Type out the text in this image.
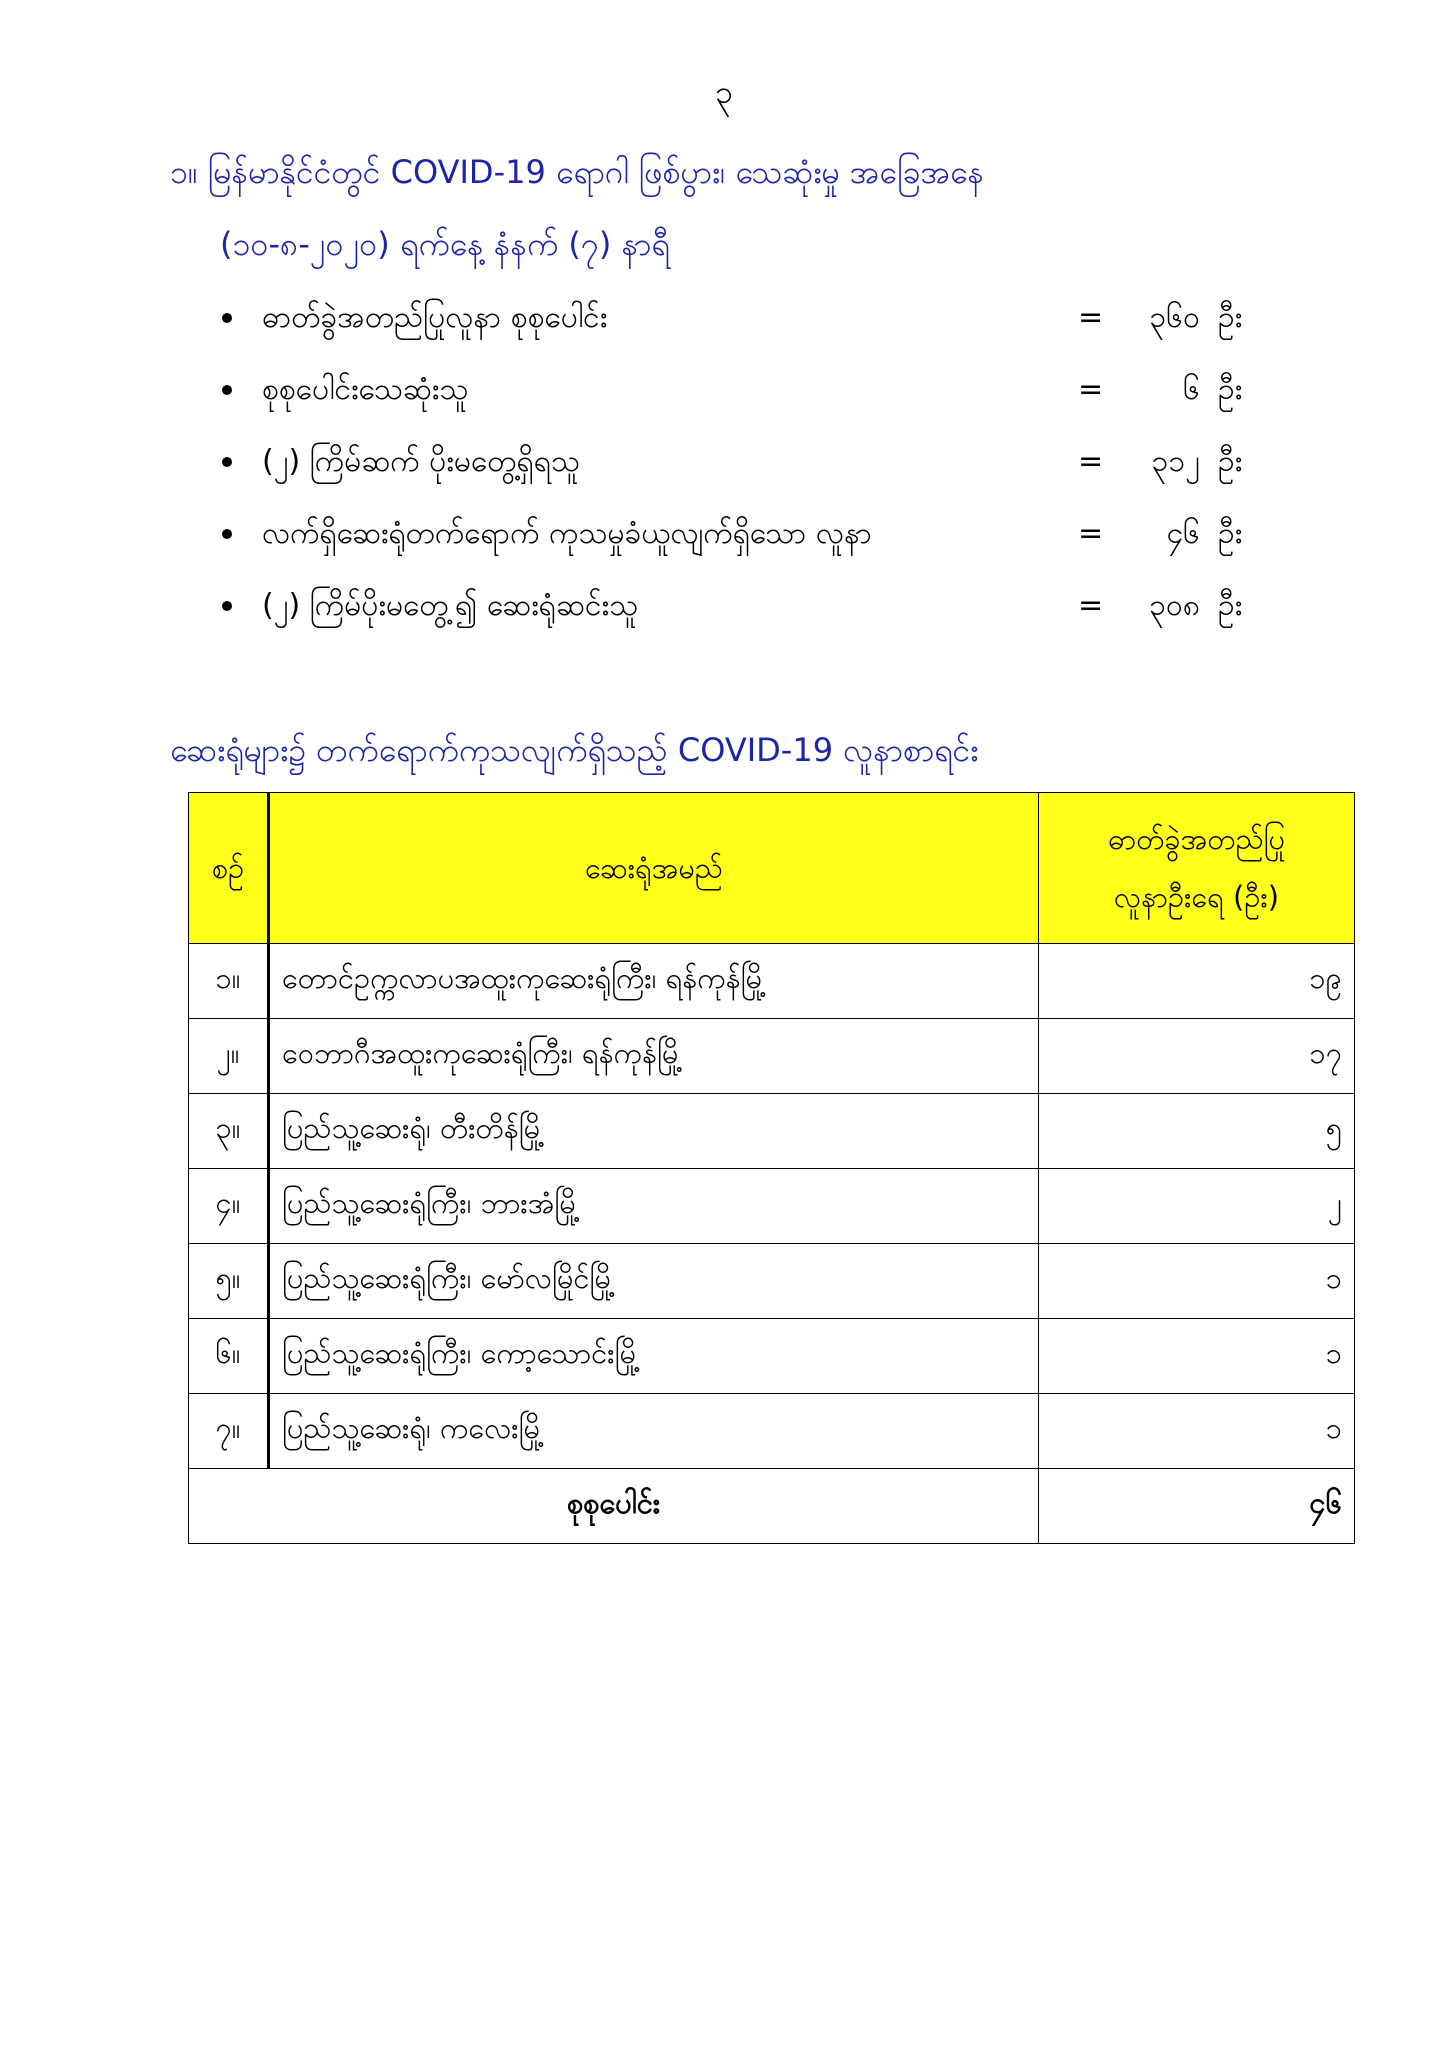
၃
၁။ မြန်မာနိုင်ငံတွင် COVID-19 ရောဂါ ဖြစ်ပွား၊ သေဆုံးမှု အခြေအနေ
(၁၀-၈-၂၀၂၀) ရက်နေ့ နံနက် (၇) နာရီ
ဓာတ်ခွဲအတည်ပြုလူနာ စုစုပေါင်း	=	၃၆၀ ဦး
စုစုပေါင်းသေဆုံးသူ	=	၆ ဦး
(၂) ကြိမ်ဆက် ပိုးမတွေ့ရှိရသူ	=	၃၁၂ ဦး
လက်ရှိဆေးရုံတက်ရောက် ကုသမှုခံယူလျက်ရှိသော လူနာ	=	၄၆ ဦး
(၂) ကြိမ်ပိုးမတွေ့၍ ဆေးရုံဆင်းသူ	=	၃၀၈ ဦး
ဆေးရုံများ၌ တက်ရောက်ကုသလျက်ရှိသည့် COVID-19 လူနာစာရင်း
စဉ်	ဆေးရုံအမည်	ဓာတ်ခွဲအတည်ပြု
လူနာဦးရေ (ဦး)
၁။	တောင်ဥက္ကလာပအထူးကုဆေးရုံကြီး၊ ရန်ကုန်မြို့	၁၉
၂။	ဝေဘာဂီအထူးကုဆေးရုံကြီး၊ ရန်ကုန်မြို့	၁၇
၃။	ပြည်သူ့ဆေးရုံ၊ တီးတိန်မြို့	၅
၄။	ပြည်သူ့ဆေးရုံကြီး၊ ဘားအံမြို့	၂
၅။	ပြည်သူ့ဆေးရုံကြီး၊ မော်လမြိုင်မြို့	၁
၆။	ပြည်သူ့ဆေးရုံကြီး၊ ကော့သောင်းမြို့	၁
၇။	ပြည်သူ့ဆေးရုံ၊ ကလေးမြို့	၁
စုစုပေါင်း		၄၆
